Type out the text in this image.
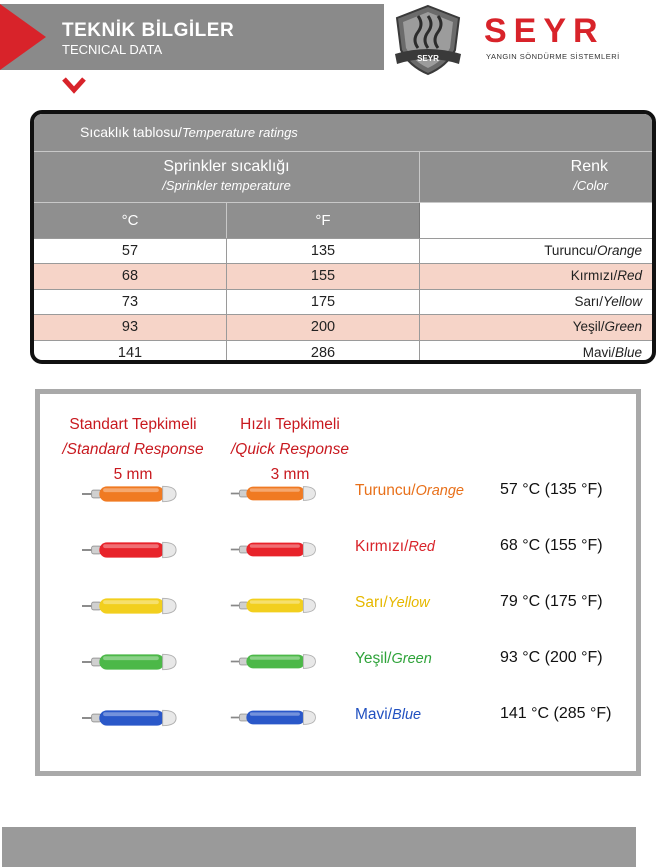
TEKNİK BİLGİLER
TECNICAL DATA
SEYR
SEYR
YANGIN SÖNDÜRME SİSTEMLERİ
Sıcaklık tablosu/Temperature ratings
Sprinkler sıcaklığı
/Sprinkler temperature
Renk
/Color
°C	°F
57	135	Turuncu/Orange
68	155	Kırmızı/Red
73	175	Sarı/Yellow
93	200	Yeşil/Green
141	286	Mavi/Blue
Standart Tepkimeli
/Standard Response
5 mm
Hızlı Tepkimeli
/Quick Response
3 mm
Turuncu/Orange 57 °C (135 °F)
Kırmızı/Red	68 °C (155 °F)
Sarı/Yellow	79 °C (175 °F)
Yeşil/Green	93 °C (200 °F)
Mavi/Blue	141 °C (285 °F)
